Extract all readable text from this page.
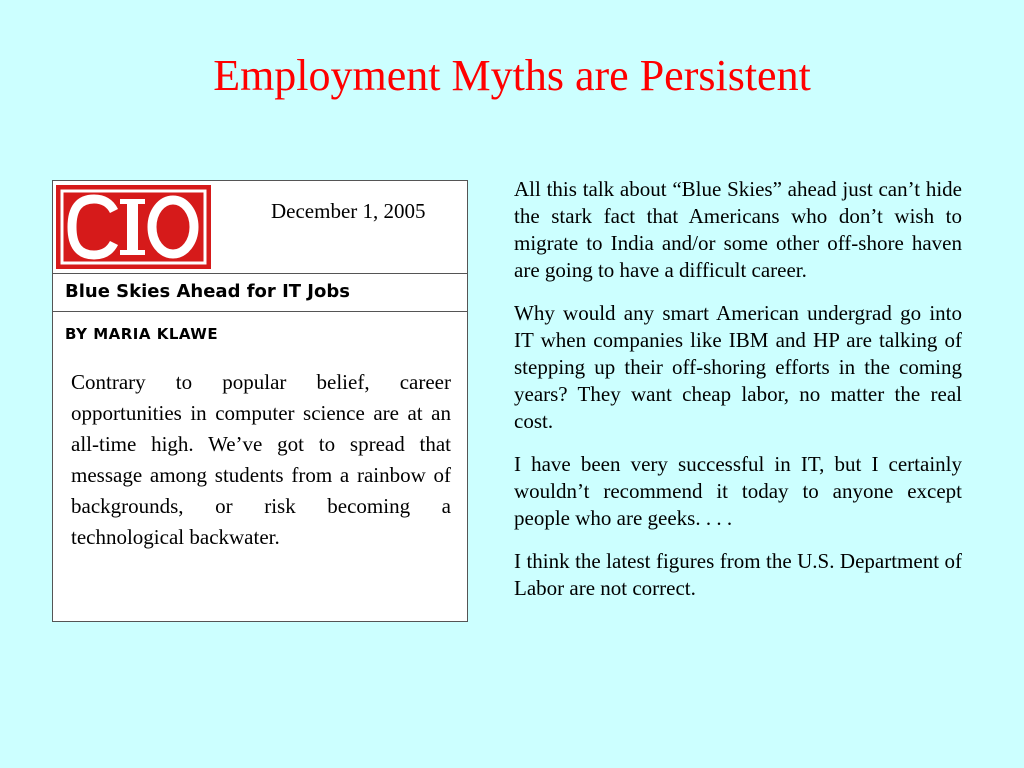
Employment Myths are Persistent
December 1, 2005
Blue Skies Ahead for IT Jobs
BY MARIA KLAWE
Contrary to popular belief, career opportunities in computer science are at an all-time high. We’ve got to spread that message among students from a rainbow of backgrounds, or risk becoming a technological backwater.

All this talk about “Blue Skies” ahead just can’t hide the stark fact that Americans who don’t wish to migrate to India and/or some other off-shore haven are going to have a difficult career.

Why would any smart American undergrad go into IT when companies like IBM and HP are talking of stepping up their off-shoring efforts in the coming years? They want cheap labor, no matter the real cost.

I have been very successful in IT, but I certainly wouldn’t recommend it today to anyone except people who are geeks. . . .

I think the latest figures from the U.S. Department of Labor are not correct.
